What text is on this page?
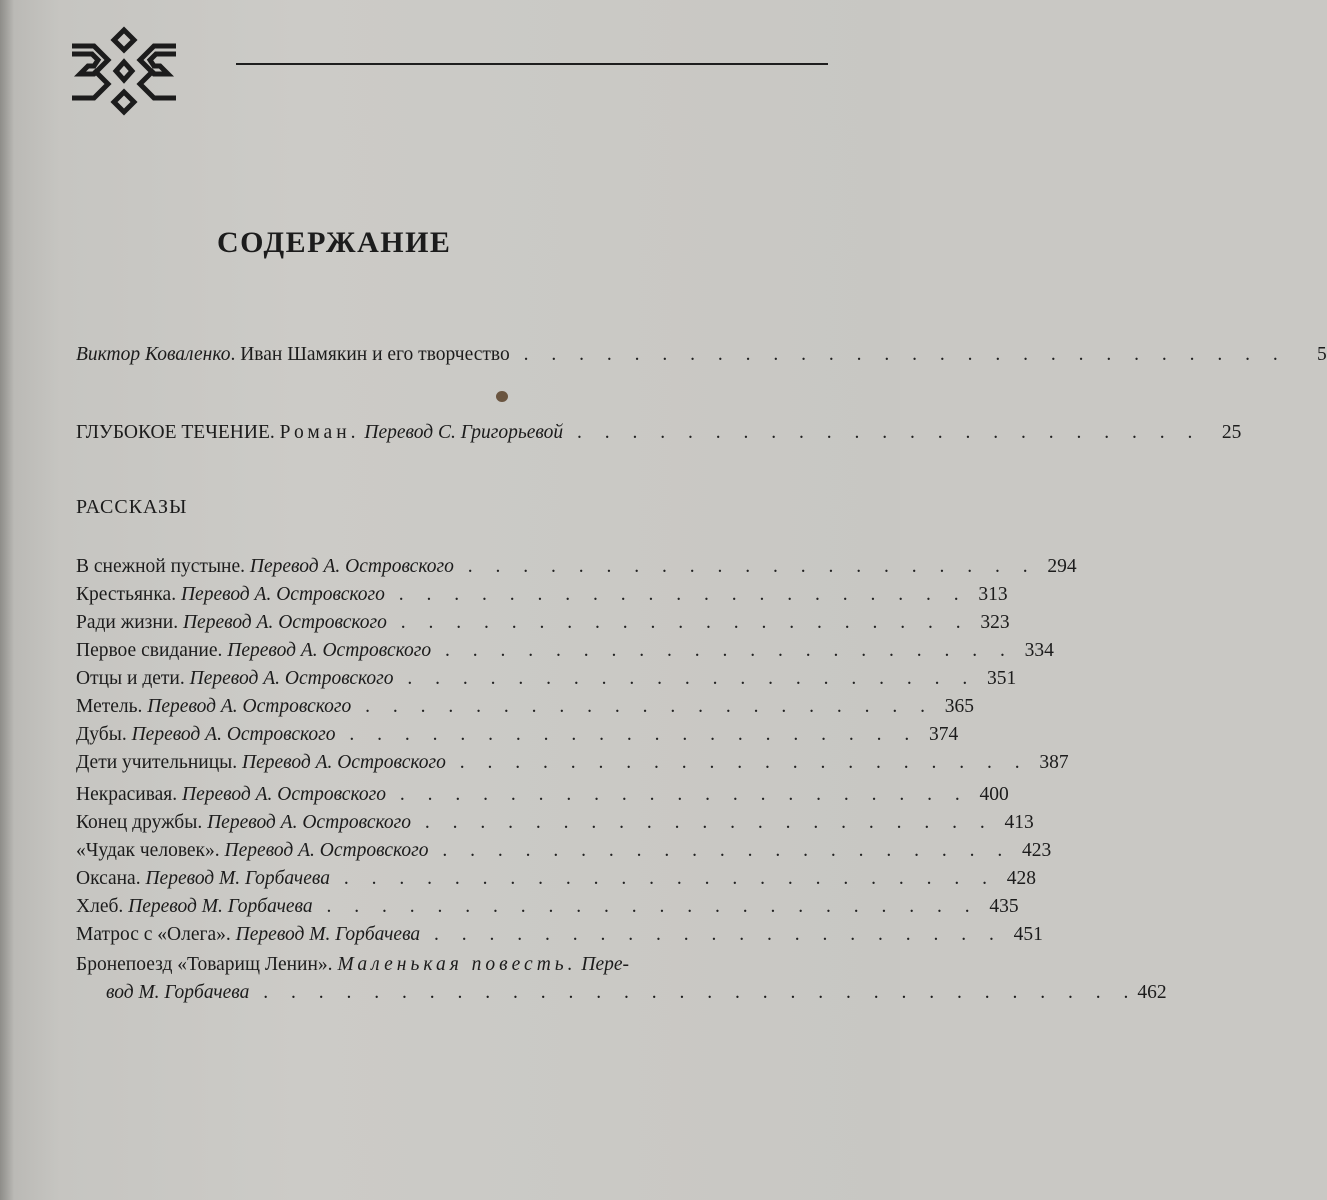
СОДЕРЖАНИЕ
Виктор Коваленко. Иван Шамякин и его творчество . . . . . . . . . . . . . . . . . . . . . . . . . . . .	5
ГЛУБОКОЕ ТЕЧЕНИЕ. Роман. Перевод С. Григорьевой . . . . . . . . . . . . . . . . . . . . . . .	25
РАССКАЗЫ
В снежной пустыне. Перевод А. Островского . . . . . . . . . . . . . . . . . . . . . 294
Крестьянка. Перевод А. Островского . . . . . . . . . . . . . . . . . . . . . 313
Ради жизни. Перевод А. Островского . . . . . . . . . . . . . . . . . . . . . 323
Первое свидание. Перевод А. Островского . . . . . . . . . . . . . . . . . . . . . 334
Отцы и дети. Перевод А. Островского . . . . . . . . . . . . . . . . . . . . . 351
Метель. Перевод А. Островского . . . . . . . . . . . . . . . . . . . . . 365
Дубы. Перевод А. Островского . . . . . . . . . . . . . . . . . . . . . 374
Дети учительницы. Перевод А. Островского . . . . . . . . . . . . . . . . . . . . . 387
Некрасивая. Перевод А. Островского . . . . . . . . . . . . . . . . . . . . . 400
Конец дружбы. Перевод А. Островского . . . . . . . . . . . . . . . . . . . . . 413
«Чудак человек». Перевод А. Островского . . . . . . . . . . . . . . . . . . . . . 423
Оксана. Перевод М. Горбачева . . . . . . . . . . . . . . . . . . . . . . . . 428
Хлеб. Перевод М. Горбачева . . . . . . . . . . . . . . . . . . . . . . . . 435
Матрос с «Олега». Перевод М. Горбачева . . . . . . . . . . . . . . . . . . . . . 451
Бронепоезд «Товарищ Ленин». Маленькая повесть. Пере-
вод М. Горбачева . . . . . . . . . . . . . . . . . . . . . . . . . . . . . . . . 462
